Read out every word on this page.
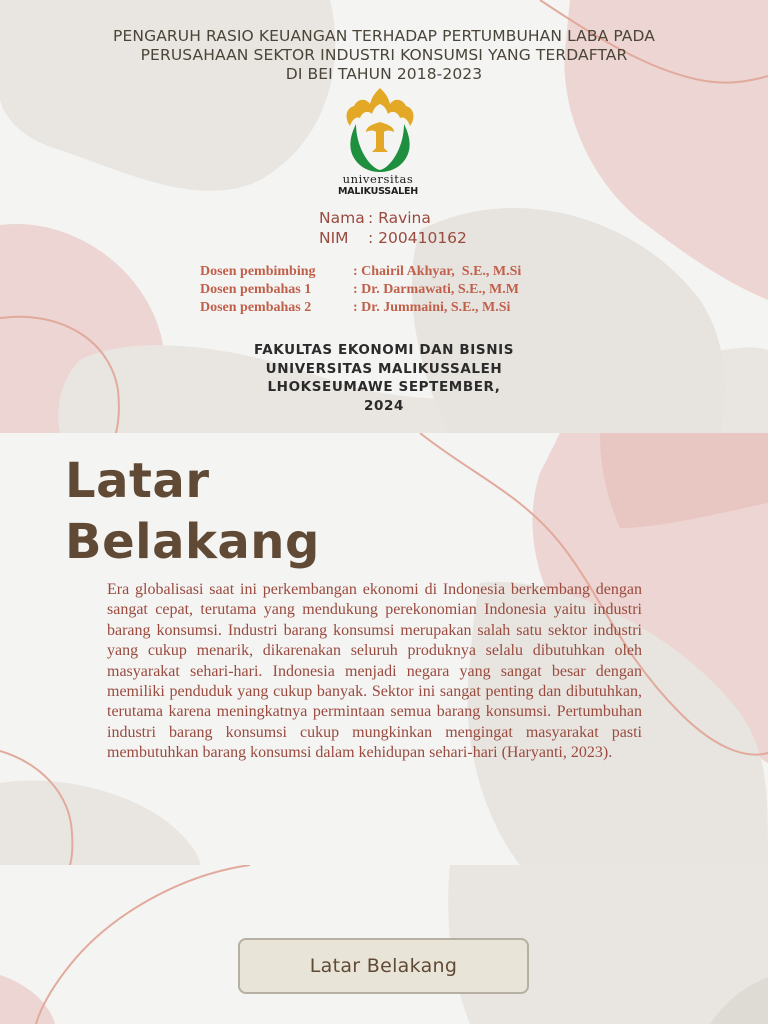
PENGARUH RASIO KEUANGAN TERHADAP PERTUMBUHAN LABA PADA
PERUSAHAAN SEKTOR INDUSTRI KONSUMSI YANG TERDAFTAR
DI BEI TAHUN 2018-2023
universitas
MALIKUSSALEH
Nama : Ravina
NIM	: 200410162
Dosen pembimbing	: Chairil Akhyar,  S.E., M.Si
Dosen pembahas 1	: Dr. Darmawati, S.E., M.M
Dosen pembahas 2	: Dr. Jummaini, S.E., M.Si
FAKULTAS EKONOMI DAN BISNIS
UNIVERSITAS MALIKUSSALEH
LHOKSEUMAWE SEPTEMBER,
2024
Latar
Belakang

Era globalisasi saat ini perkembangan ekonomi di Indonesia berkembang dengan sangat cepat, terutama yang mendukung perekonomian Indonesia yaitu industri barang konsumsi. Industri barang konsumsi merupakan salah satu sektor industri yang cukup menarik, dikarenakan seluruh produknya selalu dibutuhkan oleh masyarakat sehari-hari. Indonesia menjadi negara yang sangat besar dengan memiliki penduduk yang cukup banyak. Sektor ini sangat penting dan dibutuhkan, terutama karena meningkatnya permintaan semua barang konsumsi. Pertumbuhan industri barang konsumsi cukup mungkinkan mengingat masyarakat pasti membutuhkan barang konsumsi dalam kehidupan sehari-hari (Haryanti, 2023).

Latar Belakang
